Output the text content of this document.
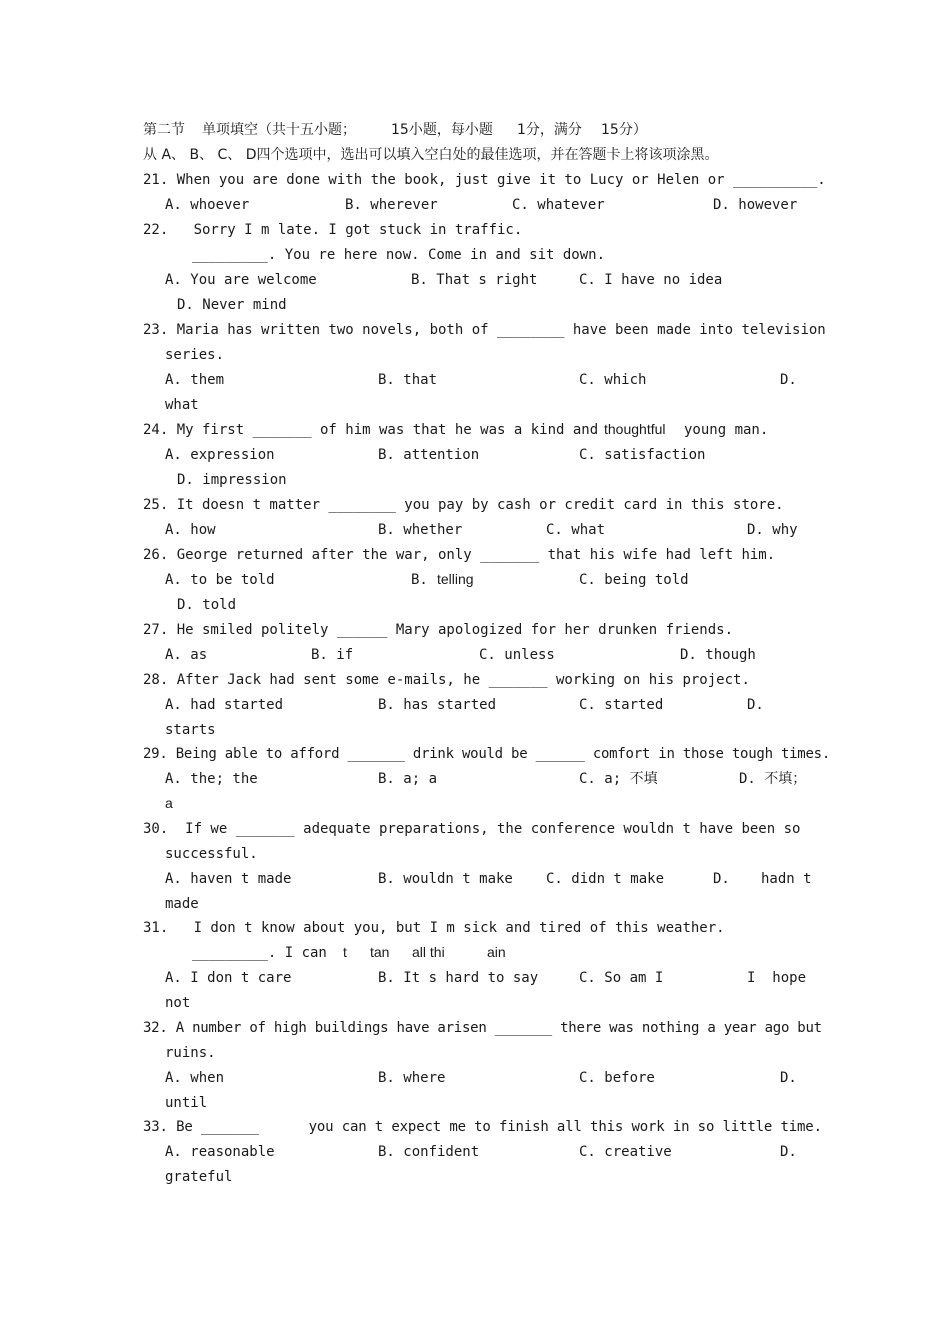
第二节 单项填空（共十五小题；	15小题，每小题 1分，满分 15分）
从 A、 B、 C、 D四个选项中，选出可以填入空白处的最佳选项，并在答题卡上将该项涂黑。
21. When you are done with the book, just give it to Lucy or Helen or __________.
A. whoever	B. wherever	C. whatever	D. however
22.   Sorry I m late. I got stuck in traffic.
_________. You re here now. Come in and sit down.
A. You are welcome	B. That s right	C. I have no idea
D. Never mind
23. Maria has written two novels, both of ________ have been made into television
series.
A. them	B. that	C. which	D.
what
24. My first _______ of him was that he was a kind and thoughtful young man.
A. expression	B. attention	C. satisfaction
D. impression
25. It doesn t matter ________ you pay by cash or credit card in this store.
A. how	B. whether	C. what	D. why
26. George returned after the war, only _______ that his wife had left him.
A. to be told	B. telling	C. being told
D. told
27. He smiled politely ______ Mary apologized for her drunken friends.
A. as	B. if	C. unless	D. though
28. After Jack had sent some e-mails, he _______ working on his project.
A. had started	B. has started	C. started	D.
starts
29. Being able to afford _______ drink would be ______ comfort in those tough times.
A. the; the	B. a; a	C. a; 不填	D. 不填；
a
30.  If we _______ adequate preparations, the conference wouldn t have been so
successful.
A. haven t made	B. wouldn t make C. didn t make	D. hadn t
made
31.   I don t know about you, but I m sick and tired of this weather.
_________. I can t tan all thi	ain
A. I don t care	B. It s hard to say	C. So am I	I  hope
not
32. A number of high buildings have arisen _______ there was nothing a year ago but
ruins.
A. when	B. where	C. before	D.
until
33. Be _______      you can t expect me to finish all this work in so little time.
A. reasonable	B. confident	C. creative	D.
grateful
